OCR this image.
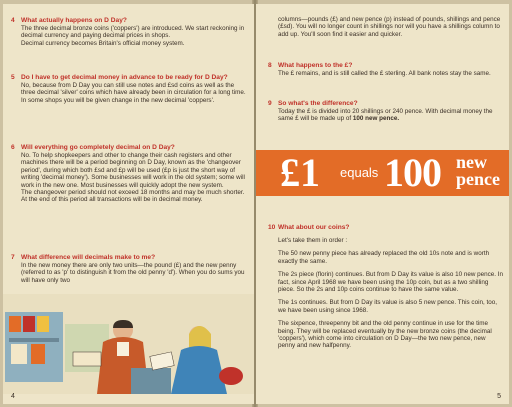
4 What actually happens on D Day?

The three decimal bronze coins ('coppers') are introduced. We start reckoning in decimal currency and paying decimal prices in shops.

Decimal currency becomes Britain's official money system.

5 Do I have to get decimal money in advance to be ready for D Day?

No, because from D Day you can still use notes and £sd coins as well as the three decimal 'silver' coins which have already been in circulation for a long time. In some shops you will be given change in the new decimal 'coppers'.

6 Will everything go completely decimal on D Day?

No. To help shopkeepers and other to change their cash registers and other machines there will be a period beginning on D Day, known as the 'changeover period', during which both £sd and £p will be used (£p is just the short way of writing 'decimal money'). Some businesses will work in the old system; some will work in the new one. Most businesses will quickly adopt the new system.

The changeover period should not exceed 18 months and may be much shorter. At the end of this period all transactions will be in decimal money.

7 What difference will decimals make to me?

In the new money there are only two units—the pound (£) and the new penny (referred to as 'p' to distinguish it from the old penny 'd'). When you do sums you will have only two

4

columns—pounds (£) and new pence (p) instead of pounds, shillings and pence (£sd). You will no longer count in shillings nor will you have a shillings column to add up. You'll soon find it easier and quicker.

8 What happens to the £?

The £ remains, and is still called the £ sterling. All bank notes stay the same.

9 So what's the difference?

Today the £ is divided into 20 shillings or 240 pence. With decimal money the same £ will be made up of 100 new pence.

£1 equals 100 new
pence
10 What about our coins?

Let's take them in order :

The 50 new penny piece has already replaced the old 10s note and is worth exactly the same.

The 2s piece (florin) continues. But from D Day its value is also 10 new pence. In fact, since April 1968 we have been using the 10p coin, but as a two shilling piece. So the 2s and 10p coins continue to have the same value.

The 1s continues. But from D Day its value is also 5 new pence. This coin, too, we have been using since 1968.

The sixpence, threepenny bit and the old penny continue in use for the time being. They will be replaced eventually by the new bronze coins (the decimal 'coppers'), which come into circulation on D Day—the two new pence, new penny and new halfpenny.

5
